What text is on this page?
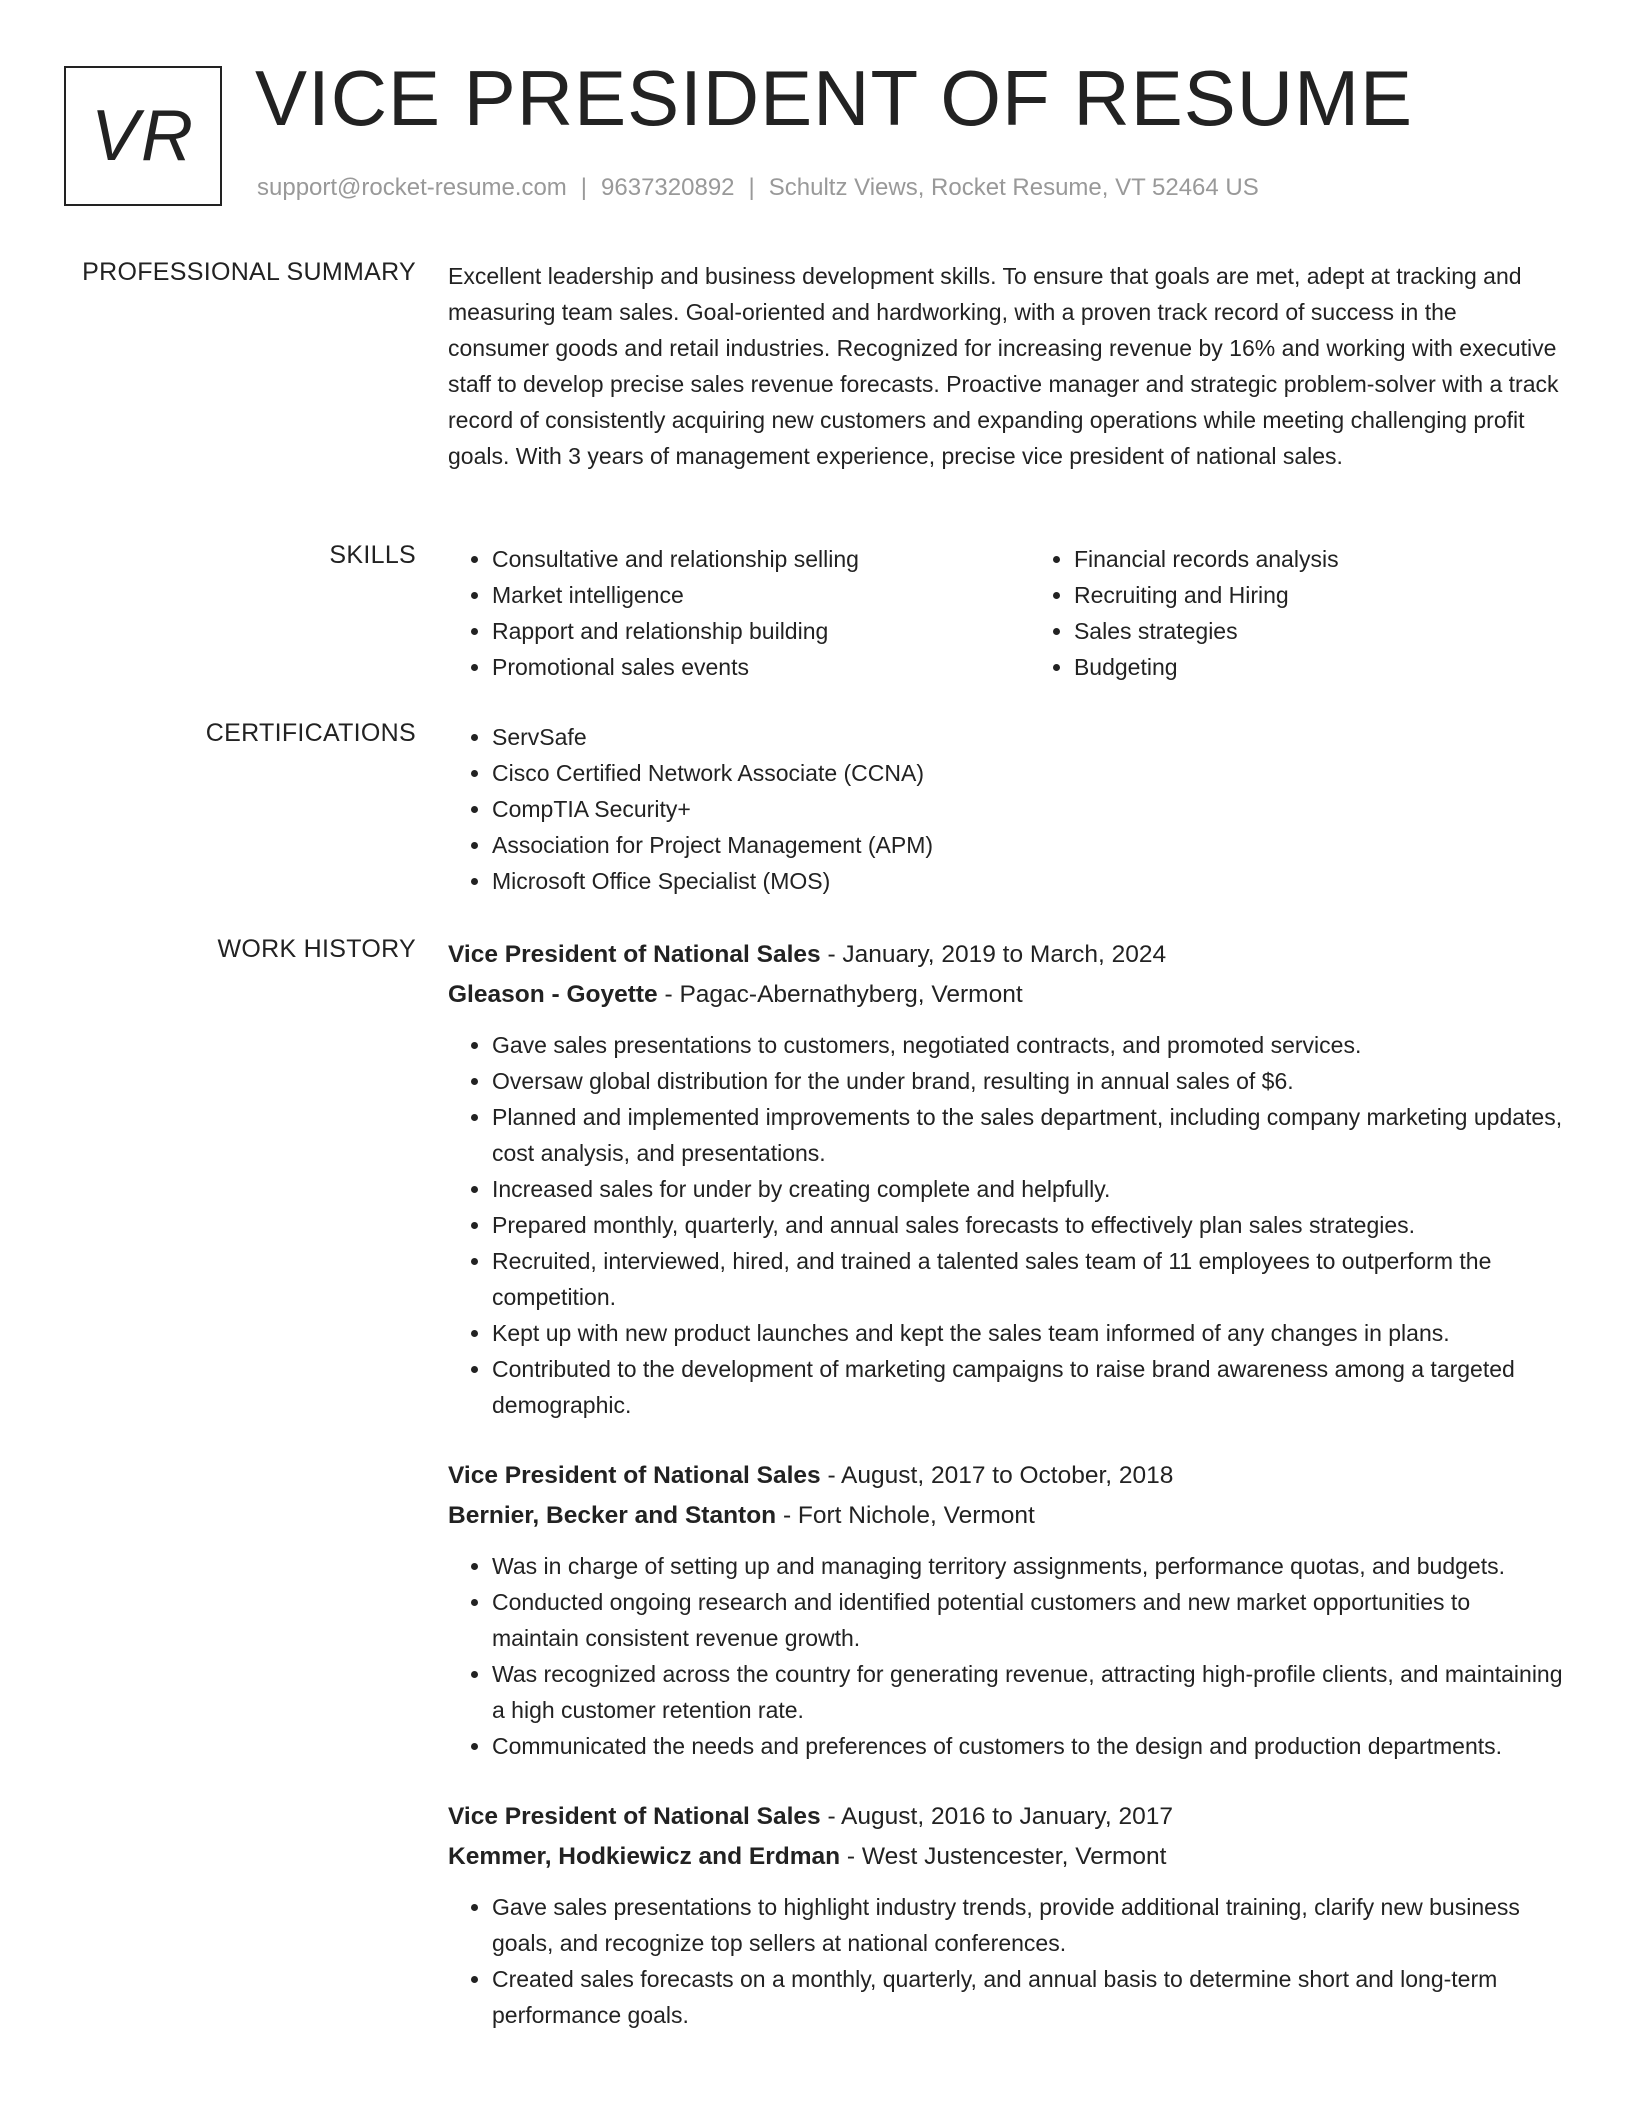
VR VICE PRESIDENT OF RESUME
support@rocket-resume.com | 9637320892 | Schultz Views, Rocket Resume, VT 52464 US
PROFESSIONAL SUMMARY Excellent leadership and business development skills. To ensure that goals are met, adept at tracking and measuring team sales. Goal-oriented and hardworking, with a proven track record of success in the consumer goods and retail industries. Recognized for increasing revenue by 16% and working with executive staff to develop precise sales revenue forecasts. Proactive manager and strategic problem-solver with a track record of consistently acquiring new customers and expanding operations while meeting challenging profit goals. With 3 years of management experience, precise vice president of national sales.

SKILLS	• Consultative and relationship selling
• Market intelligence
• Rapport and relationship building
• Promotional sales events
• Financial records analysis
• Recruiting and Hiring
• Sales strategies
• Budgeting
CERTIFICATIONS	• ServSafe
• Cisco Certified Network Associate (CCNA)
• CompTIA Security+
• Association for Project Management (APM)
• Microsoft Office Specialist (MOS)
WORK HISTORY Vice President of National Sales - January, 2019 to March, 2024
Gleason - Goyette - Pagac-Abernathyberg, Vermont
• Gave sales presentations to customers, negotiated contracts, and promoted services.
• Oversaw global distribution for the under brand, resulting in annual sales of $6.
• Planned and implemented improvements to the sales department, including company marketing updates, cost analysis, and presentations.
• Increased sales for under by creating complete and helpfully.
• Prepared monthly, quarterly, and annual sales forecasts to effectively plan sales strategies.
• Recruited, interviewed, hired, and trained a talented sales team of 11 employees to outperform the competition.
• Kept up with new product launches and kept the sales team informed of any changes in plans.
• Contributed to the development of marketing campaigns to raise brand awareness among a targeted demographic.
Vice President of National Sales - August, 2017 to October, 2018
Bernier, Becker and Stanton - Fort Nichole, Vermont
• Was in charge of setting up and managing territory assignments, performance quotas, and budgets.
• Conducted ongoing research and identified potential customers and new market opportunities to maintain consistent revenue growth.
• Was recognized across the country for generating revenue, attracting high-profile clients, and maintaining a high customer retention rate.
• Communicated the needs and preferences of customers to the design and production departments.
Vice President of National Sales - August, 2016 to January, 2017
Kemmer, Hodkiewicz and Erdman - West Justencester, Vermont
• Gave sales presentations to highlight industry trends, provide additional training, clarify new business goals, and recognize top sellers at national conferences.
• Created sales forecasts on a monthly, quarterly, and annual basis to determine short and long-term performance goals.
